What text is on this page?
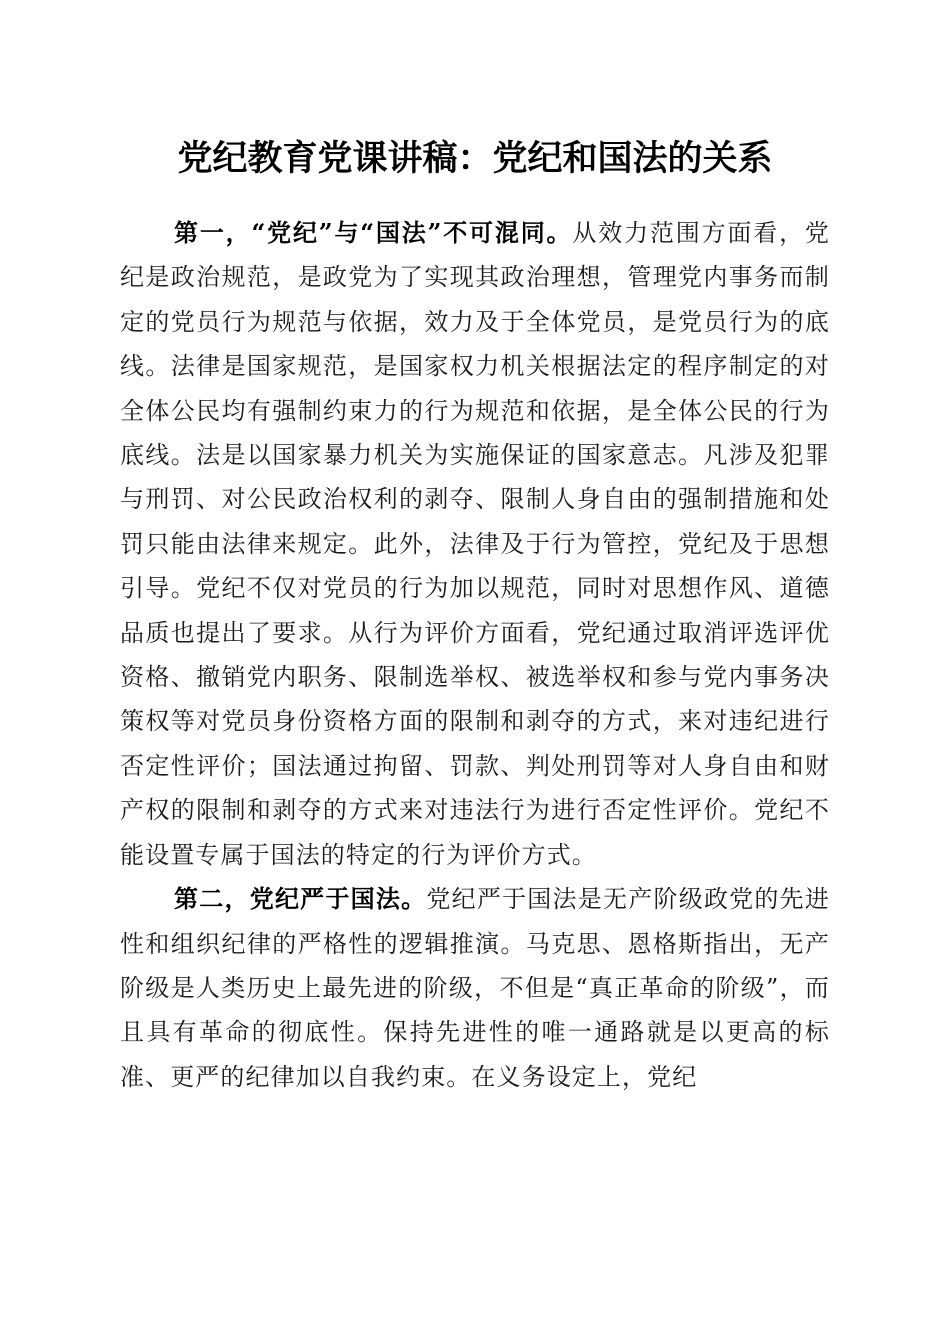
党纪教育党课讲稿：党纪和国法的关系

第一，“党纪”与“国法”不可混同。从效力范围方面看，党纪是政治规范，是政党为了实现其政治理想，管理党内事务而制定的党员行为规范与依据，效力及于全体党员，是党员行为的底线。法律是国家规范，是国家权力机关根据法定的程序制定的对全体公民均有强制约束力的行为规范和依据，是全体公民的行为底线。法是以国家暴力机关为实施保证的国家意志。凡涉及犯罪与刑罚、对公民政治权利的剥夺、限制人身自由的强制措施和处罚只能由法律来规定。此外，法律及于行为管控，党纪及于思想引导。党纪不仅对党员的行为加以规范，同时对思想作风、道德品质也提出了要求。从行为评价方面看，党纪通过取消评选评优资格、撤销党内职务、限制选举权、被选举权和参与党内事务决策权等对党员身份资格方面的限制和剥夺的方式，来对违纪进行否定性评价；国法通过拘留、罚款、判处刑罚等对人身自由和财产权的限制和剥夺的方式来对违法行为进行否定性评价。党纪不能设置专属于国法的特定的行为评价方式。

第二，党纪严于国法。党纪严于国法是无产阶级政党的先进性和组织纪律的严格性的逻辑推演。马克思、恩格斯指出，无产阶级是人类历史上最先进的阶级，不但是“真正革命的阶级”，而且具有革命的彻底性。保持先进性的唯一通路就是以更高的标准、更严的纪律加以自我约束。在义务设定上，党纪
